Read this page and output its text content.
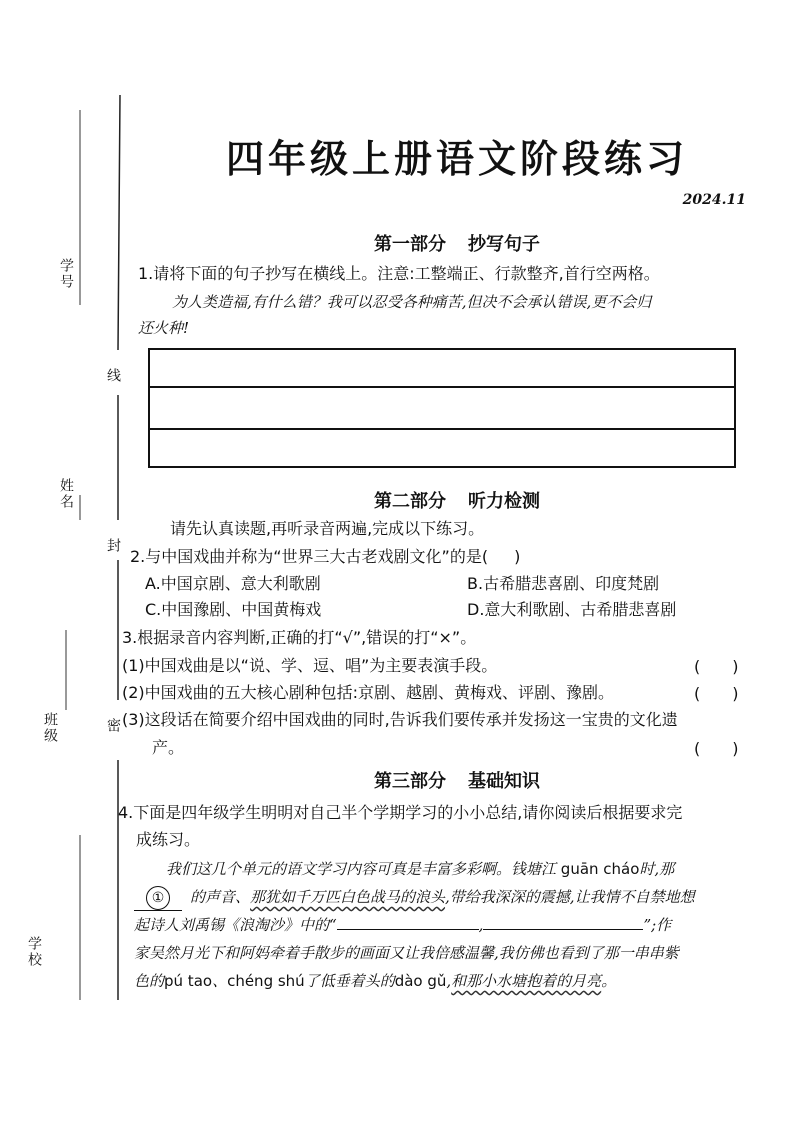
学号
姓名
班级
学校
线
封
密
四年级上册语文阶段练习
2024.11
第一部分 抄写句子
1.请将下面的句子抄写在横线上。注意:工整端正、行款整齐,首行空两格。
为人类造福,有什么错？我可以忍受各种痛苦,但决不会承认错误,更不会归
还火种!
第二部分 听力检测
请先认真读题,再听录音两遍,完成以下练习。
2.与中国戏曲并称为“世界三大古老戏剧文化”的是( )
A.中国京剧、意大利歌剧	B.古希腊悲喜剧、印度梵剧
C.中国豫剧、中国黄梅戏	D.意大利歌剧、古希腊悲喜剧
3.根据录音内容判断,正确的打“√”,错误的打“×”。
(1)中国戏曲是以“说、学、逗、唱”为主要表演手段。	(　　)
(2)中国戏曲的五大核心剧种包括:京剧、越剧、黄梅戏、评剧、豫剧。	(　　)
(3)这段话在简要介绍中国戏曲的同时,告诉我们要传承并发扬这一宝贵的文化遗
产。	(　　)
第三部分 基础知识
4.下面是四年级学生明明对自己半个学期学习的小小总结,请你阅读后根据要求完
成练习。
我们这几个单元的语文学习内容可真是丰富多彩啊。钱塘江 guān cháo时,那
① 的声音、那犹如千万匹白色战马的浪头,带给我深深的震撼,让我情不自禁地想
起诗人刘禹锡《浪淘沙》中的“	,	”;作
家吴然月光下和阿妈牵着手散步的画面又让我倍感温馨,我仿佛也看到了那一串串紫
色的pú tao、chéng shú了低垂着头的dào gǔ,和那小水塘抱着的月亮。
